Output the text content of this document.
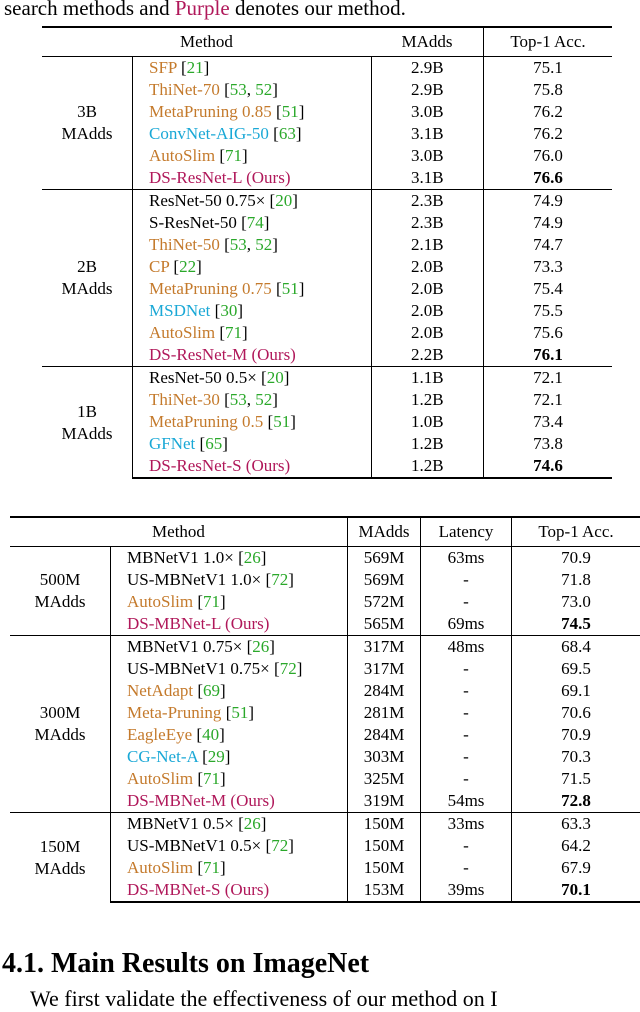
search methods and Purple denotes our method.
Method		MAdds	Top-1 Acc.

3B
MAdds	SFP [21]	2.9B	75.1
	ThiNet-70 [53, 52]	2.9B	75.8
	MetaPruning 0.85 [51]	3.0B	76.2
	ConvNet-AIG-50 [63]	3.1B	76.2
	AutoSlim [71]	3.0B	76.0
	DS-ResNet-L (Ours)	3.1B	76.6

2B
MAdds	ResNet-50 0.75× [20]	2.3B	74.9
	S-ResNet-50 [74]	2.3B	74.9
	ThiNet-50 [53, 52]	2.1B	74.7
	CP [22]	2.0B	73.3
	MetaPruning 0.75 [51]	2.0B	75.4
	MSDNet [30]	2.0B	75.5
	AutoSlim [71]	2.0B	75.6
	DS-ResNet-M (Ours)	2.2B	76.1

1B
MAdds	ResNet-50 0.5× [20]	1.1B	72.1
	ThiNet-30 [53, 52]	1.2B	72.1
	MetaPruning 0.5 [51]	1.0B	73.4
	GFNet [65]	1.2B	73.8
	DS-ResNet-S (Ours)	1.2B	74.6
Method		MAdds	Latency	Top-1 Acc.

500M
MAdds	MBNetV1 1.0× [26]	569M	63ms	70.9
	US-MBNetV1 1.0× [72]	569M	-	71.8
	AutoSlim [71]	572M	-	73.0
	DS-MBNet-L (Ours)	565M	69ms	74.5

300M
MAdds	MBNetV1 0.75× [26]	317M	48ms	68.4
	US-MBNetV1 0.75× [72]	317M	-	69.5
	NetAdapt [69]	284M	-	69.1
	Meta-Pruning [51]	281M	-	70.6
	EagleEye [40]	284M	-	70.9
	CG-Net-A [29]	303M	-	70.3
	AutoSlim [71]	325M	-	71.5
	DS-MBNet-M (Ours)	319M	54ms	72.8

150M
MAdds	MBNetV1 0.5× [26]	150M	33ms	63.3
	US-MBNetV1 0.5× [72]	150M	-	64.2
	AutoSlim [71]	150M	-	67.9
	DS-MBNet-S (Ours)	153M	39ms	70.1
4.1. Main Results on ImageNet
We first validate the effectiveness of our method on I
